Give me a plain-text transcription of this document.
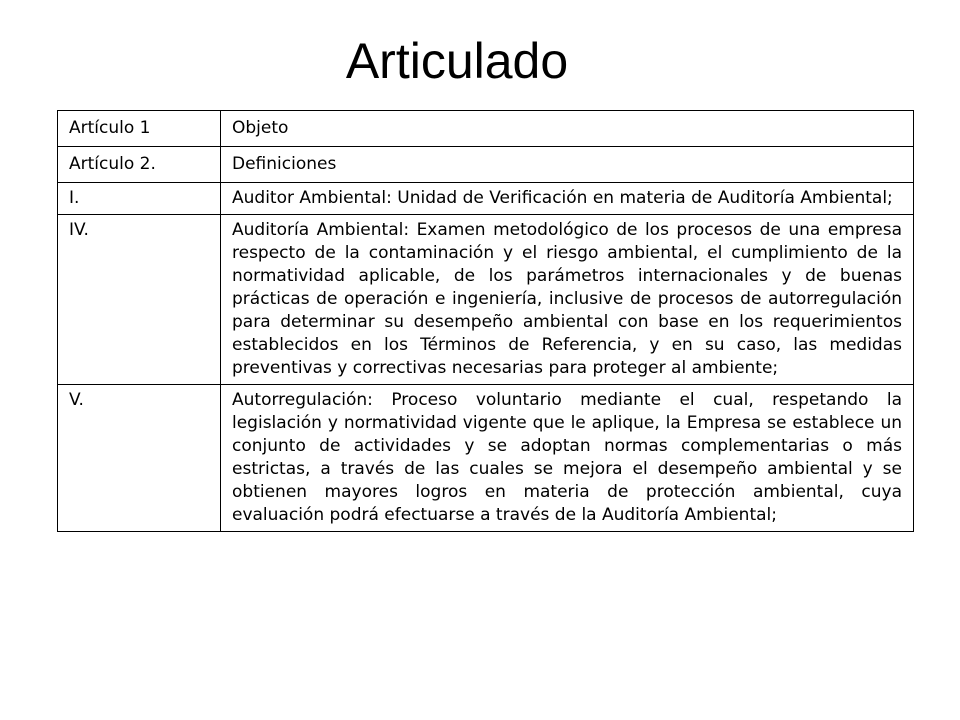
Articulado
Artículo 1	Objeto
Artículo 2.	Definiciones
I.	Auditor Ambiental: Unidad de Verificación en materia de Auditoría Ambiental;
IV.	Auditoría Ambiental: Examen metodológico de los procesos de una empresa respecto de la contaminación y el riesgo ambiental, el cumplimiento de la normatividad aplicable, de los parámetros internacionales y de buenas prácticas de operación e ingeniería, inclusive de procesos de autorregulación para determinar su desempeño ambiental con base en los requerimientos establecidos en los Términos de Referencia, y en su caso, las medidas preventivas y correctivas necesarias para proteger al ambiente;
V.	Autorregulación: Proceso voluntario mediante el cual, respetando la legislación y normatividad vigente que le aplique, la Empresa se establece un conjunto de actividades y se adoptan normas complementarias o más estrictas, a través de las cuales se mejora el desempeño ambiental y se obtienen mayores logros en materia de protección ambiental, cuya evaluación podrá efectuarse a través de la Auditoría Ambiental;
